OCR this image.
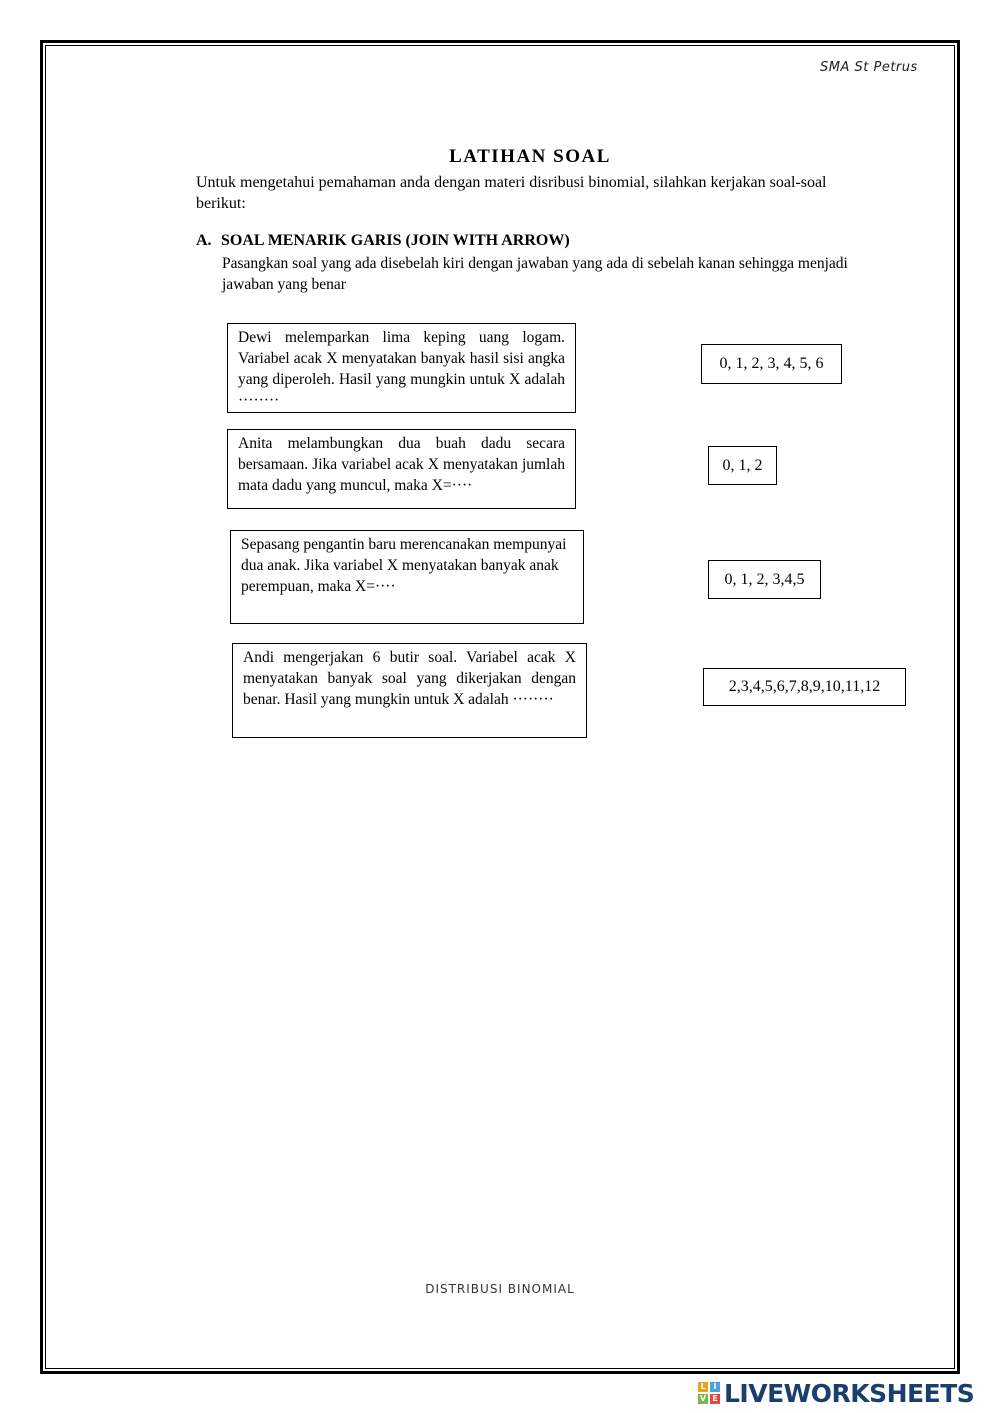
SMA St Petrus
LATIHAN SOAL
Untuk mengetahui pemahaman anda dengan materi disribusi binomial, silahkan kerjakan soal-soal berikut:
A. SOAL MENARIK GARIS (JOIN WITH ARROW)
Pasangkan soal yang ada disebelah kiri dengan jawaban yang ada di sebelah kanan sehingga menjadi jawaban yang benar
Dewi melemparkan lima keping uang logam. Variabel acak X menyatakan banyak hasil sisi angka yang diperoleh. Hasil yang mungkin untuk X adalah ········
Anita melambungkan dua buah dadu secara bersamaan. Jika variabel acak X menyatakan jumlah mata dadu yang muncul, maka X=····
Sepasang pengantin baru merencanakan mempunyai dua anak. Jika variabel X menyatakan banyak anak perempuan, maka X=····
Andi mengerjakan 6 butir soal. Variabel acak X menyatakan banyak soal yang dikerjakan dengan benar. Hasil yang mungkin untuk X adalah ········
0, 1, 2, 3, 4, 5, 6
0, 1, 2
0, 1, 2, 3,4,5
2,3,4,5,6,7,8,9,10,11,12
DISTRIBUSI BINOMIAL
L I
V E LIVEWORKSHEETS
